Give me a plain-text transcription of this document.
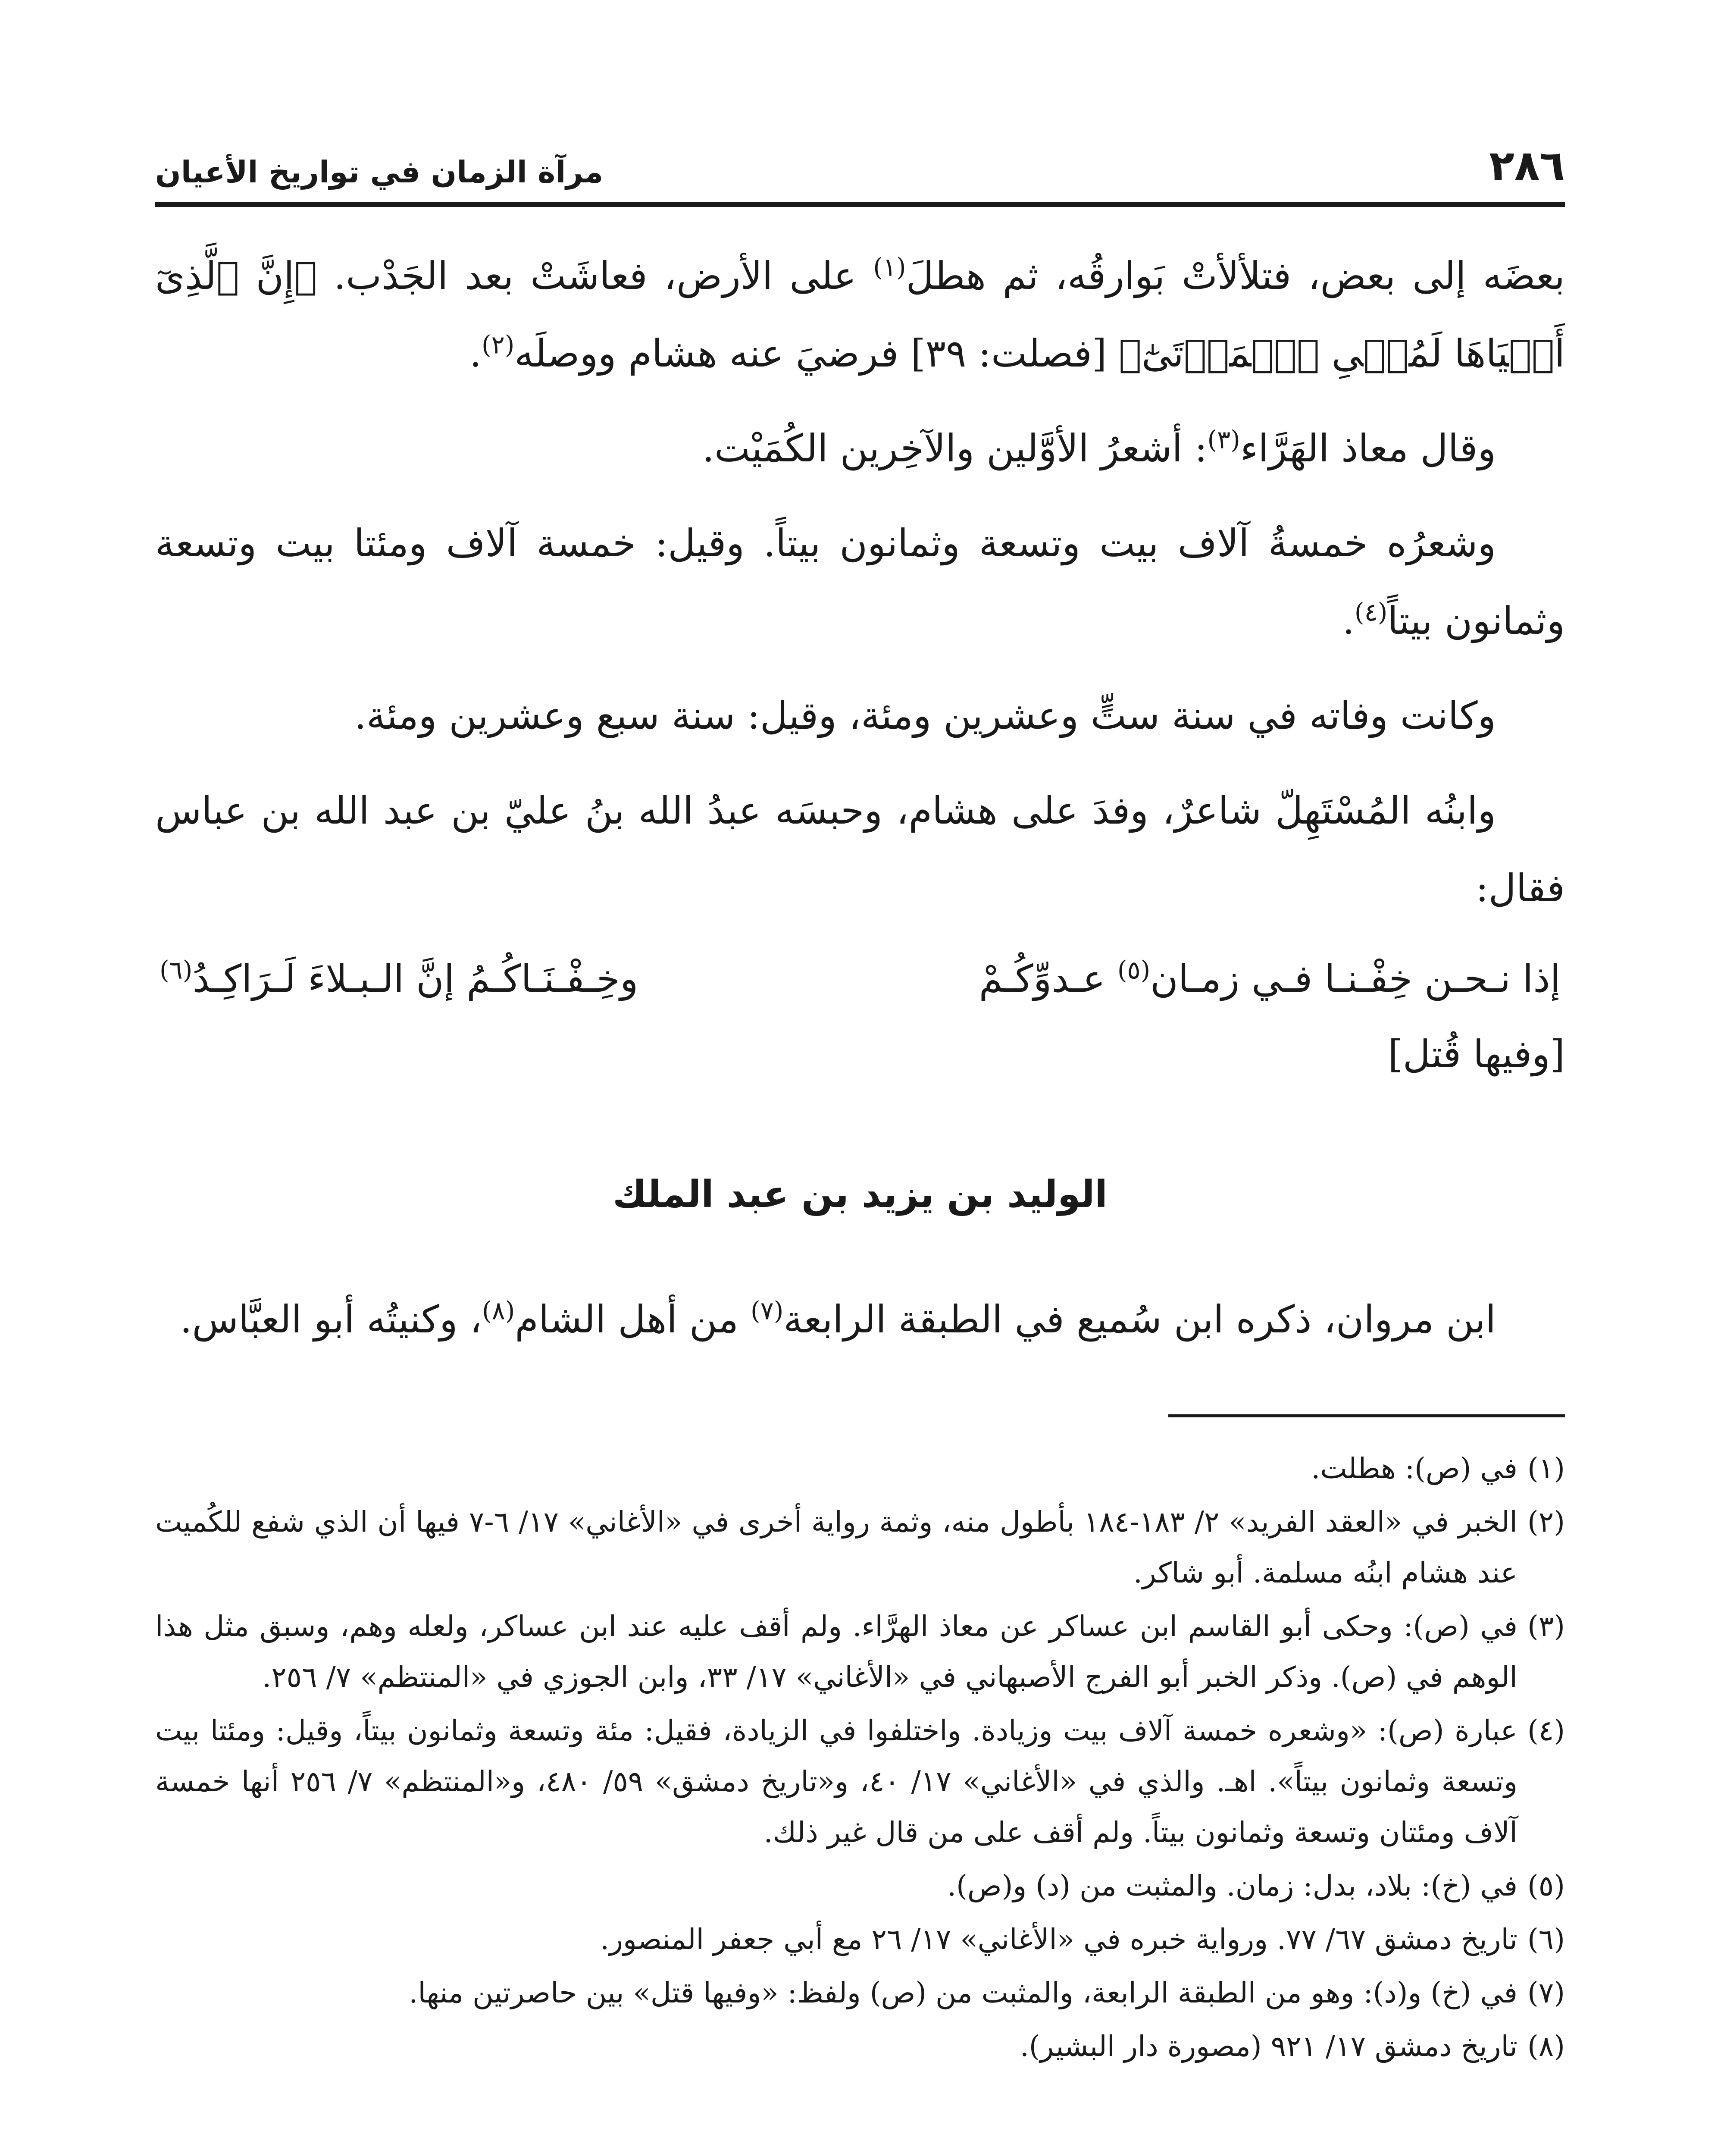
٢٨٦
مرآة الزمان في تواريخ الأعيان

بعضَه إلى بعض، فتلألأتْ بَوارقُه، ثم هطلَ$^{(١)}$ على الأرض، فعاشَتْ بعد الجَدْب. ﴿إِنَّ ٱلَّذِىٓ أَحۡيَاهَا لَمُحۡىِ ٱلۡمَوۡتَىٰٓ﴾ [فصلت: ٣٩] فرضيَ عنه هشام ووصلَه$^{(٢)}$.

وقال معاذ الهَرَّاء$^{(٣)}$: أشعرُ الأوَّلين والآخِرين الكُمَيْت.

وشعرُه خمسةُ آلاف بيت وتسعة وثمانون بيتاً. وقيل: خمسة آلاف ومئتا بيت وتسعة وثمانون بيتاً$^{(٤)}$.

وكانت وفاته في سنة ستٍّ وعشرين ومئة، وقيل: سنة سبع وعشرين ومئة.

وابنُه المُسْتَهِلّ شاعرٌ، وفدَ على هشام، وحبسَه عبدُ الله بنُ عليّ بن عبد الله بن عباس فقال:

إذا نـحـن خِفْـنـا فـي زمـان$^{(٥)}$ عـدوِّكُـمْ
وخِـفْـنَـاكُـمُ إنَّ الـبـلاءَ لَـرَاكِـدُ$^{(٦)}$

[وفيها قُتل]

الوليد بن يزيد بن عبد الملك

ابن مروان، ذكره ابن سُميع في الطبقة الرابعة$^{(٧)}$ من أهل الشام$^{(٨)}$، وكنيتُه أبو العبَّاس.

(١)
في (ص): هطلت.
(٢)
الخبر في «العقد الفريد» ٢/ ١٨٣-١٨٤ بأطول منه، وثمة رواية أخرى في «الأغاني» ١٧/ ٦-٧ فيها أن الذي شفع للكُميت عند هشام ابنُه مسلمة. أبو شاكر.
(٣)
في (ص): وحكى أبو القاسم ابن عساكر عن معاذ الهرَّاء. ولم أقف عليه عند ابن عساكر، ولعله وهم، وسبق مثل هذا الوهم في (ص). وذكر الخبر أبو الفرج الأصبهاني في «الأغاني» ١٧/ ٣٣، وابن الجوزي في «المنتظم» ٧/ ٢٥٦.
(٤)
عبارة (ص): «وشعره خمسة آلاف بيت وزيادة. واختلفوا في الزيادة، فقيل: مئة وتسعة وثمانون بيتاً، وقيل: ومئتا بيت وتسعة وثمانون بيتاً». اهـ. والذي في «الأغاني» ١٧/ ٤٠، و«تاريخ دمشق» ٥٩/ ٤٨٠، و«المنتظم» ٧/ ٢٥٦ أنها خمسة آلاف ومئتان وتسعة وثمانون بيتاً. ولم أقف على من قال غير ذلك.
(٥)
في (خ): بلاد، بدل: زمان. والمثبت من (د) و(ص).
(٦)
تاريخ دمشق ٦٧/ ٧٧. ورواية خبره في «الأغاني» ١٧/ ٢٦ مع أبي جعفر المنصور.
(٧)
في (خ) و(د): وهو من الطبقة الرابعة، والمثبت من (ص) ولفظ: «وفيها قتل» بين حاصرتين منها.
(٨)
تاريخ دمشق ١٧/ ٩٢١ (مصورة دار البشير).
